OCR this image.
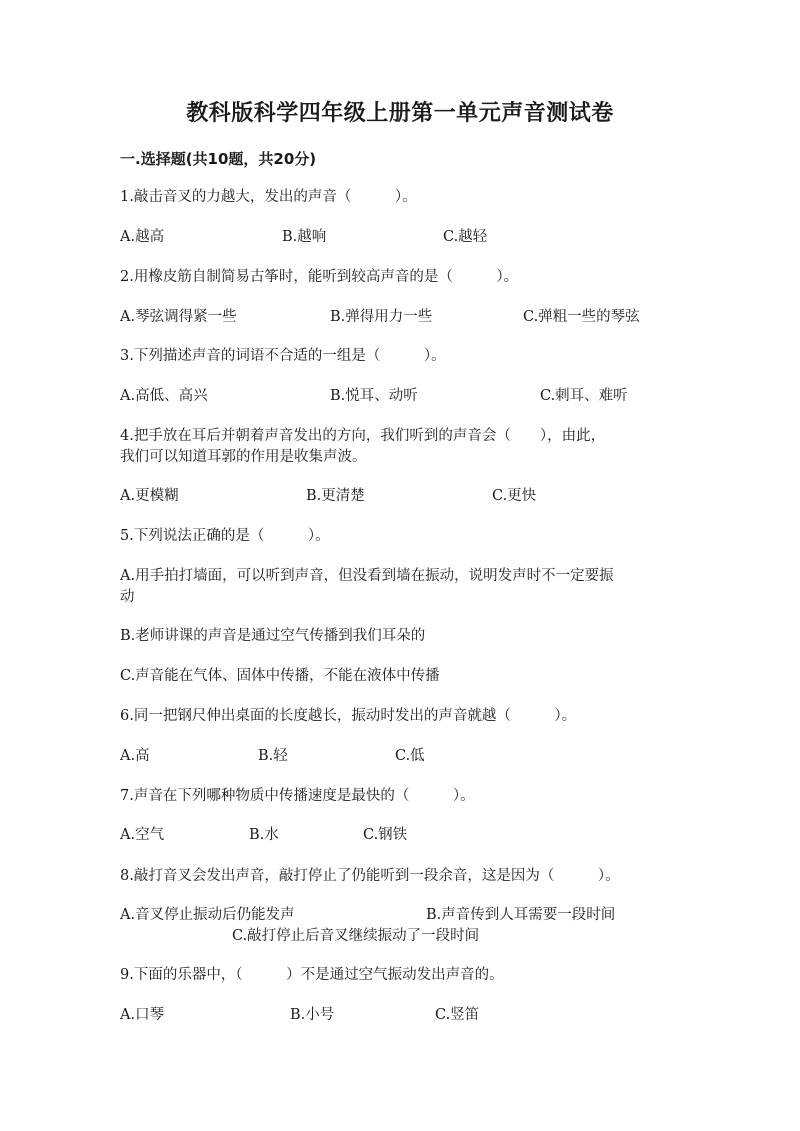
教科版科学四年级上册第一单元声音测试卷
一.选择题(共10题，共20分)
1.敲击音叉的力越大，发出的声音（　　　）。
A.越高	B.越响	C.越轻
2.用橡皮筋自制简易古筝时，能听到较高声音的是（　　　）。
A.琴弦调得紧一些	B.弹得用力一些	C.弹粗一些的琴弦
3.下列描述声音的词语不合适的一组是（　　　）。
A.高低、高兴	B.悦耳、动听	C.刺耳、难听
4.把手放在耳后并朝着声音发出的方向，我们听到的声音会（　　），由此，
我们可以知道耳郭的作用是收集声波。
A.更模糊	B.更清楚	C.更快
5.下列说法正确的是（　　　）。
A.用手拍打墙面，可以听到声音，但没看到墙在振动，说明发声时不一定要振
动
B.老师讲课的声音是通过空气传播到我们耳朵的
C.声音能在气体、固体中传播，不能在液体中传播
6.同一把钢尺伸出桌面的长度越长，振动时发出的声音就越（　　　）。
A.高	B.轻	C.低
7.声音在下列哪种物质中传播速度是最快的（　　　）。
A.空气	B.水	C.钢铁
8.敲打音叉会发出声音，敲打停止了仍能听到一段余音，这是因为（　　　）。
A.音叉停止振动后仍能发声	B.声音传到人耳需要一段时间
C.敲打停止后音叉继续振动了一段时间
9.下面的乐器中，（　　　）不是通过空气振动发出声音的。
A.口琴	B.小号	C.竖笛
